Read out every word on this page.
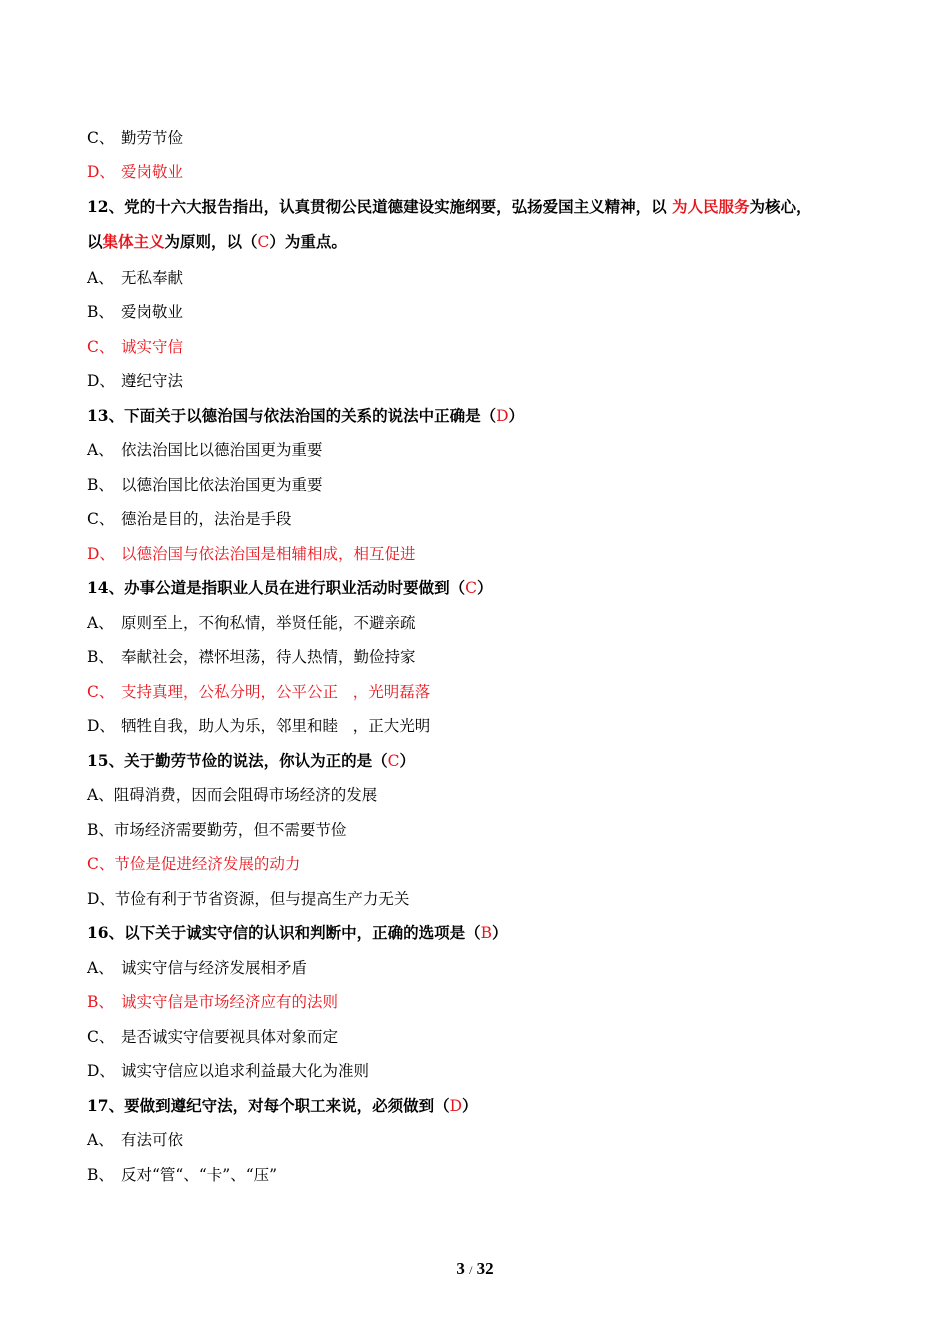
C、 勤劳节俭
D、 爱岗敬业
12、党的十六大报告指出，认真贯彻公民道德建设实施纲要，弘扬爱国主义精神，以 为人民服务为核心，
以集体主义为原则，以（C）为重点。
A、 无私奉献
B、 爱岗敬业
C、 诚实守信
D、 遵纪守法
13、下面关于以德治国与依法治国的关系的说法中正确是（D）
A、 依法治国比以德治国更为重要
B、 以德治国比依法治国更为重要
C、 德治是目的，法治是手段
D、 以德治国与依法治国是相辅相成，相互促进
14、办事公道是指职业人员在进行职业活动时要做到（C）
A、 原则至上，不徇私情，举贤任能，不避亲疏
B、 奉献社会，襟怀坦荡，待人热情，勤俭持家
C、 支持真理，公私分明，公平公正   ，光明磊落
D、 牺牲自我，助人为乐，邻里和睦   ，正大光明
15、关于勤劳节俭的说法，你认为正的是（C）
A、阻碍消费，因而会阻碍市场经济的发展
B、市场经济需要勤劳，但不需要节俭
C、节俭是促进经济发展的动力
D、节俭有利于节省资源，但与提高生产力无关
16、以下关于诚实守信的认识和判断中，正确的选项是（B）
A、 诚实守信与经济发展相矛盾
B、 诚实守信是市场经济应有的法则
C、 是否诚实守信要视具体对象而定
D、 诚实守信应以追求利益最大化为准则
17、要做到遵纪守法，对每个职工来说，必须做到（D）
A、 有法可依
B、 反对“管“、“卡”、“压”
3 / 32
